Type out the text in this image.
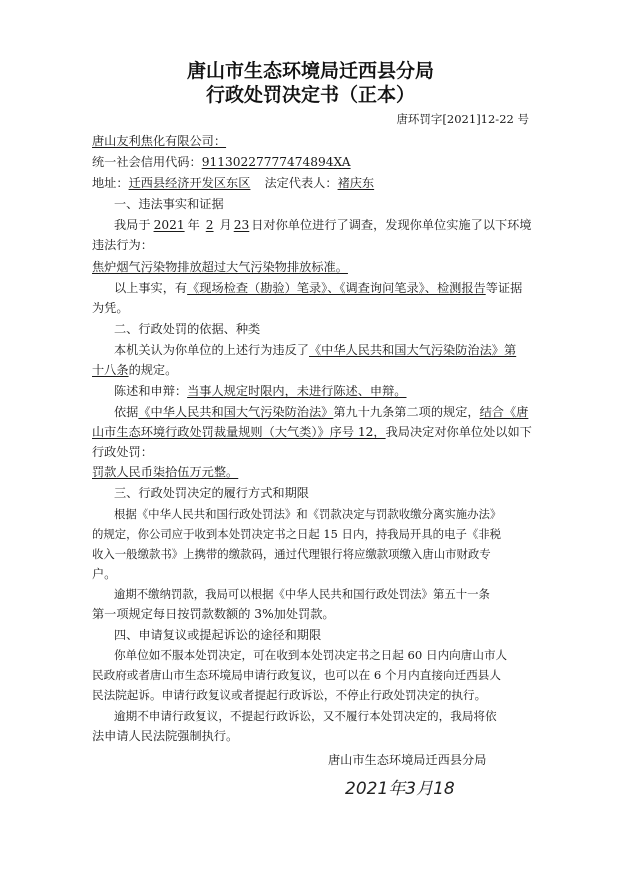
唐山市生态环境局迁西县分局
行政处罚决定书（正本）
唐环罚字[2021]12-22 号
唐山友利焦化有限公司：
统一社会信用代码：91130227777474894XA
地址：迁西县经济开发区东区 法定代表人：褚庆东
一、违法事实和证据
我局于 2021 年 2 月 23 日对你单位进行了调查，发现你单位实施了以下环境
违法行为：
焦炉烟气污染物排放超过大气污染物排放标准。
以上事实，有《现场检查（勘验）笔录》、《调查询问笔录》、检测报告等证据
为凭。
二、行政处罚的依据、种类
本机关认为你单位的上述行为违反了《中华人民共和国大气污染防治法》第
十八条的规定。
陈述和申辩：当事人规定时限内，未进行陈述、申辩。
依据《中华人民共和国大气污染防治法》第九十九条第二项的规定，结合《唐
山市生态环境行政处罚裁量规则（大气类）》序号 12，我局决定对你单位处以如下
行政处罚：
罚款人民币柒拾伍万元整。
三、行政处罚决定的履行方式和期限
根据《中华人民共和国行政处罚法》和《罚款决定与罚款收缴分离实施办法》
的规定，你公司应于收到本处罚决定书之日起 15 日内，持我局开具的电子《非税
收入一般缴款书》上携带的缴款码，通过代理银行将应缴款项缴入唐山市财政专
户。
逾期不缴纳罚款，我局可以根据《中华人民共和国行政处罚法》第五十一条
第一项规定每日按罚款数额的 3%加处罚款。
四、申请复议或提起诉讼的途径和期限
你单位如不服本处罚决定，可在收到本处罚决定书之日起 60 日内向唐山市人
民政府或者唐山市生态环境局申请行政复议，也可以在 6 个月内直接向迁西县人
民法院起诉。申请行政复议或者提起行政诉讼，不停止行政处罚决定的执行。
逾期不申请行政复议，不提起行政诉讼，又不履行本处罚决定的，我局将依
法申请人民法院强制执行。
唐山市生态环境局迁西县分局
2021年3月18
